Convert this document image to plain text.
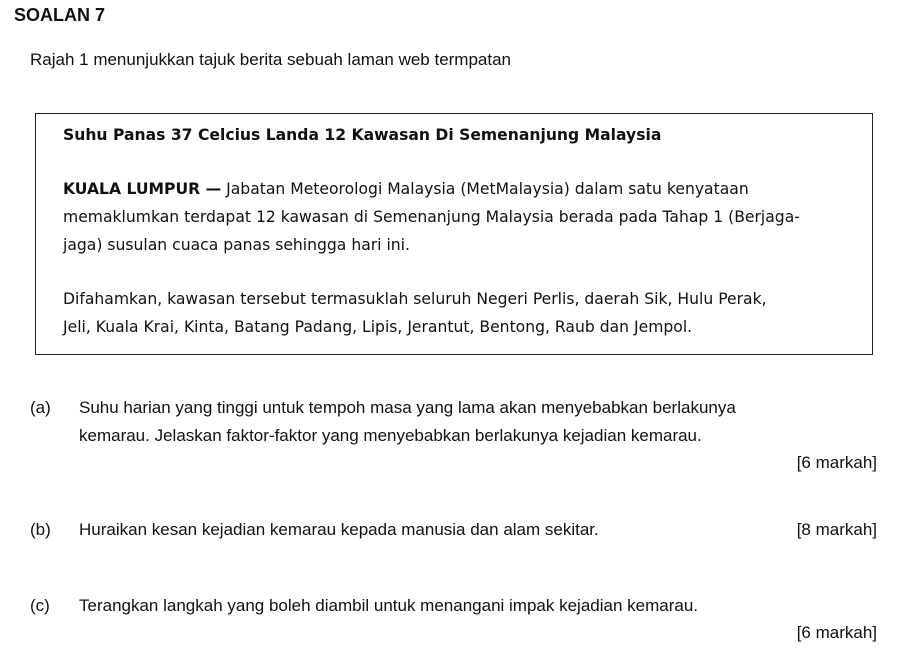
SOALAN 7
Rajah 1 menunjukkan tajuk berita sebuah laman web termpatan
Suhu Panas 37 Celcius Landa 12 Kawasan Di Semenanjung Malaysia
KUALA LUMPUR — Jabatan Meteorologi Malaysia (MetMalaysia) dalam satu kenyataan
memaklumkan terdapat 12 kawasan di Semenanjung Malaysia berada pada Tahap 1 (Berjaga-
jaga) susulan cuaca panas sehingga hari ini.
Difahamkan, kawasan tersebut termasuklah seluruh Negeri Perlis, daerah Sik, Hulu Perak,
Jeli, Kuala Krai, Kinta, Batang Padang, Lipis, Jerantut, Bentong, Raub dan Jempol.
(a) Suhu harian yang tinggi untuk tempoh masa yang lama akan menyebabkan berlakunya
kemarau. Jelaskan faktor-faktor yang menyebabkan berlakunya kejadian kemarau.
[6 markah]
(b) Huraikan kesan kejadian kemarau kepada manusia dan alam sekitar.	[8 markah]
(c) Terangkan langkah yang boleh diambil untuk menangani impak kejadian kemarau.
[6 markah]
